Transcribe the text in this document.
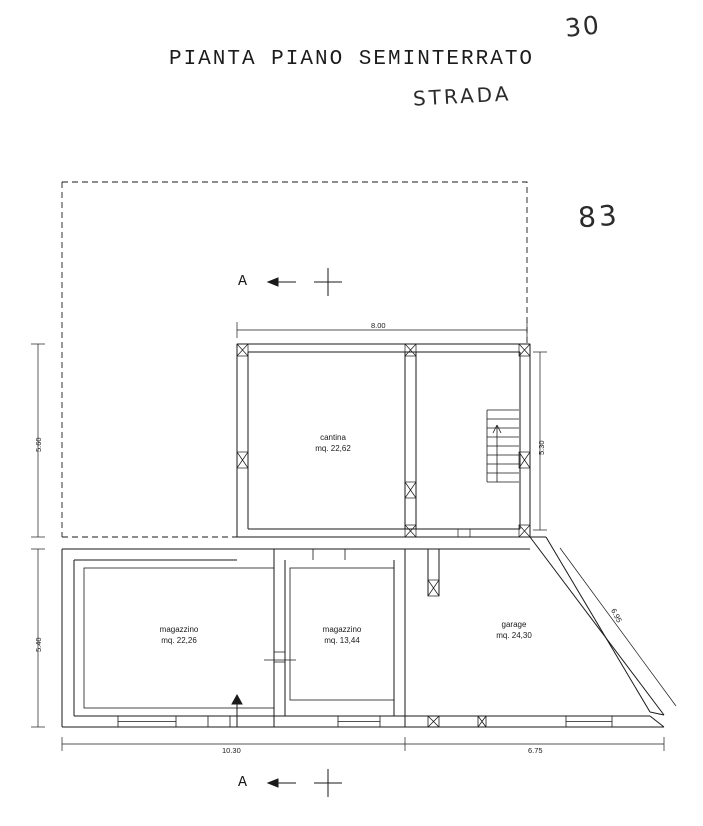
PIANTA PIANO SEMINTERRATO
30
STRADA
83
cantina
mq. 22,62
magazzino
mq. 22,26
magazzino
mq. 13,44
garage
mq. 24,30
8.00
5.60
5.40
5.30
6.95
10.30	6.75
A
A
